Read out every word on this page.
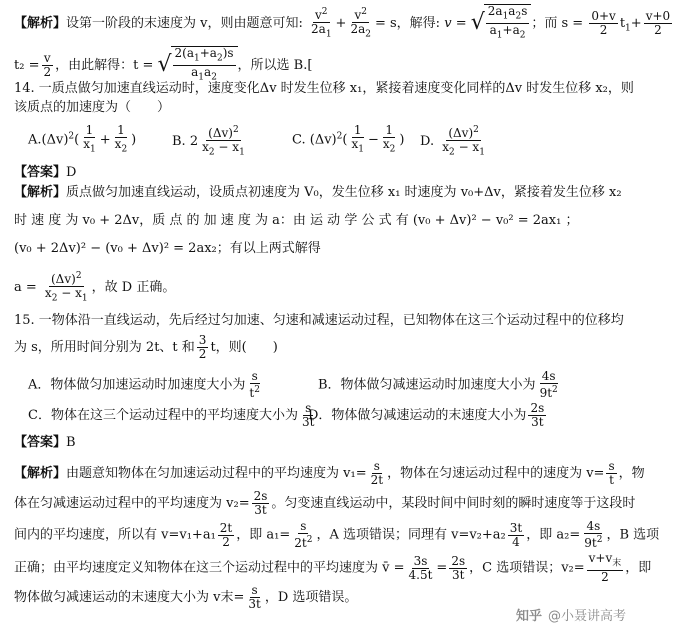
【解析】设第一阶段的末速度为 v，则由题意可知: $\frac{v^2}{2a_1} + \frac{v^2}{2a_2} = s$，解得: v = √ $\frac{2a_1a_2s}{a_1+a_2}$ ；而 $s = \frac{0+v}{2} t_1+ \frac{v+0}{2}$
$t_2 = \frac{v}{2}$ ，由此解得：t = √ $\frac{2(a_1+a_2)s}{a_1a_2}$ ，所以选 B.[
14. 一质点做匀加速直线运动时，速度变化Δv 时发生位移 x₁，紧接着速度变化同样的Δv 时发生位移 x₂，则
该质点的加速度为（　　）
$A.(\Delta v)^2( \frac{1}{x_1} + \frac{1}{x_2}$ )	B. $2 \frac{(\Delta v)^2}{x_2 - x_1}$	C. $(\Delta v)^2( \frac{1}{x_1} - \frac{1}{x_2}$ ) D. $\frac{(\Delta v)^2}{x_2 - x_1}$
【答案】D
【解析】质点做匀加速直线运动，设质点初速度为 V₀，发生位移 x₁ 时速度为 v₀+Δv，紧接着发生位移 x₂
时 速 度 为 v₀ + 2Δv，质 点 的 加 速 度 为 a：由 运 动 学 公 式 有 (v₀ + Δv)² − v₀² = 2ax₁ ；
(v₀ + 2Δv)² − (v₀ + Δv)² = 2ax₂；有以上两式解得
$a = \frac{(\Delta v)^2}{x_2 - x_1}$ ，故 D 正确。
15. 一物体沿一直线运动，先后经过匀加速、匀速和减速运动过程，已知物体在这三个运动过程中的位移均
为 s，所用时间分别为 2t、t 和 $\frac{3}{2}$ t，则(　　)
A．物体做匀加速运动时加速度大小为 $\frac{s}{t^2}$	B．物体做匀减速运动时加速度大小为 $\frac{4s}{9t^2}$
C．物体在这三个运动过程中的平均速度大小为 $\frac{s}{3t}$
D．物体做匀减速运动的末速度大小为 $\frac{2s}{3t}$
【答案】B
【解析】由题意知物体在匀加速运动过程中的平均速度为 $v_1= \frac{s}{2t}$ ，物体在匀速运动过程中的速度为 $v= \frac{s}{t}$ ，物
体在匀减速运动过程中的平均速度为 $v_2= \frac{2s}{3t}$ 。匀变速直线运动中，某段时间中间时刻的瞬时速度等于这段时
间内的平均速度，所以有 $v=v_1+a_1 \frac{2t}{2}$ ，即 $a_1= \frac{s}{2t^2}$ ，A 选项错误；同理有 $v=v_2+a_2 \frac{3t}{4}$ ，即 $a_2= \frac{4s}{9t^2}$ ，B 选项
正确；由平均速度定义知物体在这三个运动过程中的平均速度为 v̄ = $\frac{3s}{4.5t} = \frac{2s}{3t}$ ，C 选项错误；$v_2= \frac{v+v_末}{2}$ ，即
物体做匀减速运动的末速度大小为 v末= $\frac{s}{3t}$ ，D 选项错误。
知乎 @小聂讲高考
